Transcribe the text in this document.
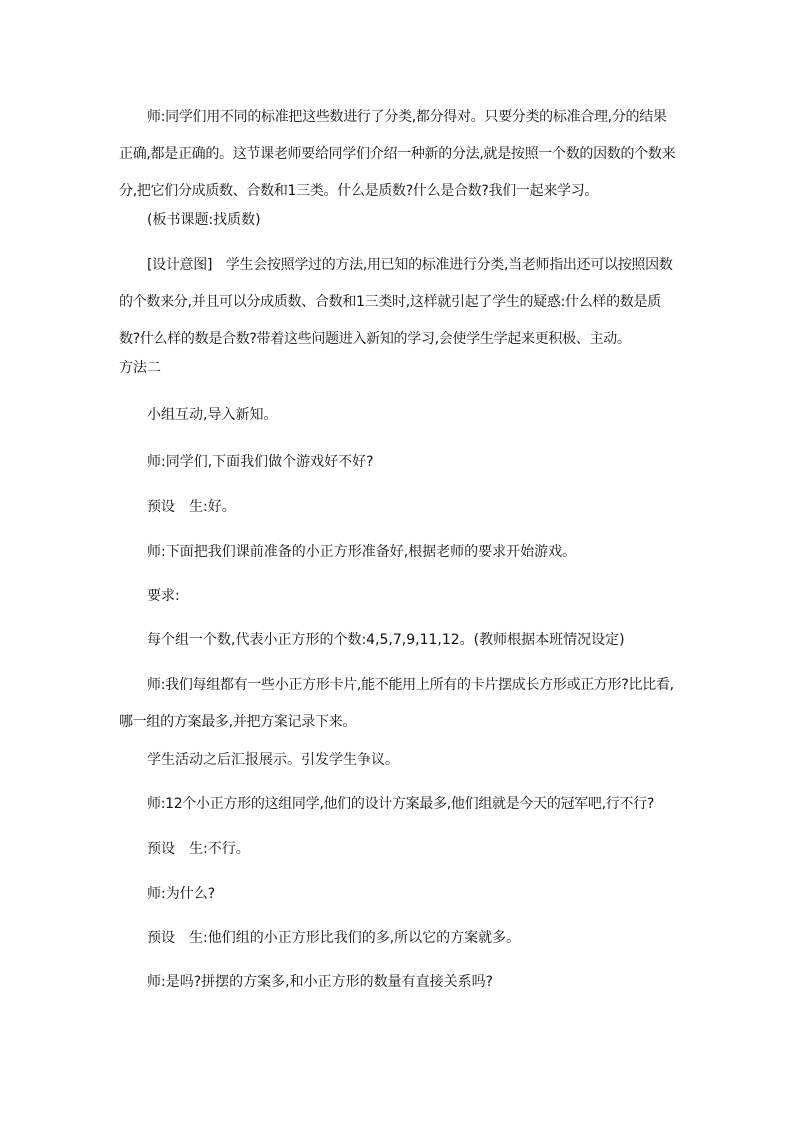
师:同学们用不同的标准把这些数进行了分类,都分得对。只要分类的标准合理,分的结果正确,都是正确的。这节课老师要给同学们介绍一种新的分法,就是按照一个数的因数的个数来分,把它们分成质数、合数和1三类。什么是质数?什么是合数?我们一起来学习。
(板书课题:找质数)
[设计意图]　学生会按照学过的方法,用已知的标准进行分类,当老师指出还可以按照因数的个数来分,并且可以分成质数、合数和1三类时,这样就引起了学生的疑惑:什么样的数是质数?什么样的数是合数?带着这些问题进入新知的学习,会使学生学起来更积极、主动。
方法二
小组互动,导入新知。
师:同学们,下面我们做个游戏好不好?
预设　生:好。
师:下面把我们课前准备的小正方形准备好,根据老师的要求开始游戏。
要求:
每个组一个数,代表小正方形的个数:4,5,7,9,11,12。(教师根据本班情况设定)
师:我们每组都有一些小正方形卡片,能不能用上所有的卡片摆成长方形或正方形?比比看,哪一组的方案最多,并把方案记录下来。
学生活动之后汇报展示。引发学生争议。
师:12个小正方形的这组同学,他们的设计方案最多,他们组就是今天的冠军吧,行不行?
预设　生:不行。
师:为什么?
预设　生:他们组的小正方形比我们的多,所以它的方案就多。
师:是吗?拼摆的方案多,和小正方形的数量有直接关系吗?
